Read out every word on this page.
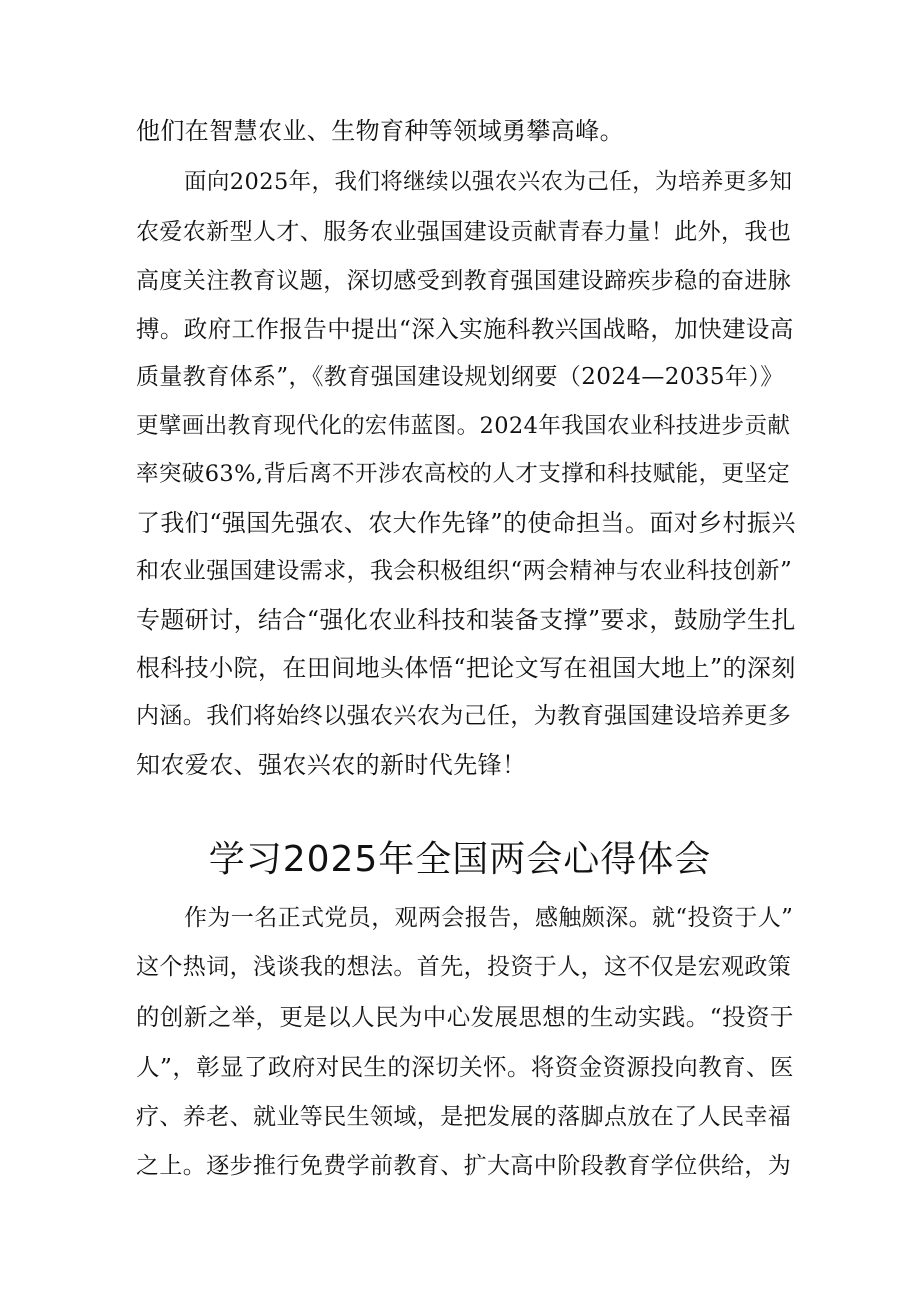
他们在智慧农业、生物育种等领域勇攀高峰。
面向2025年，我们将继续以强农兴农为己任，为培养更多知
农爱农新型人才、服务农业强国建设贡献青春力量！此外，我也
高度关注教育议题，深切感受到教育强国建设蹄疾步稳的奋进脉
搏。政府工作报告中提出“深入实施科教兴国战略，加快建设高
质量教育体系”，《教育强国建设规划纲要（2024—2035年）》
更擘画出教育现代化的宏伟蓝图。2024年我国农业科技进步贡献
率突破63%,背后离不开涉农高校的人才支撑和科技赋能，更坚定
了我们“强国先强农、农大作先锋”的使命担当。面对乡村振兴
和农业强国建设需求，我会积极组织“两会精神与农业科技创新”
专题研讨，结合“强化农业科技和装备支撑”要求，鼓励学生扎
根科技小院，在田间地头体悟“把论文写在祖国大地上”的深刻
内涵。我们将始终以强农兴农为己任，为教育强国建设培养更多
知农爱农、强农兴农的新时代先锋！
学习2025年全国两会心得体会
作为一名正式党员，观两会报告，感触颇深。就“投资于人”
这个热词，浅谈我的想法。首先，投资于人，这不仅是宏观政策
的创新之举，更是以人民为中心发展思想的生动实践。“投资于
人”，彰显了政府对民生的深切关怀。将资金资源投向教育、医
疗、养老、就业等民生领域，是把发展的落脚点放在了人民幸福
之上。逐步推行免费学前教育、扩大高中阶段教育学位供给，为
